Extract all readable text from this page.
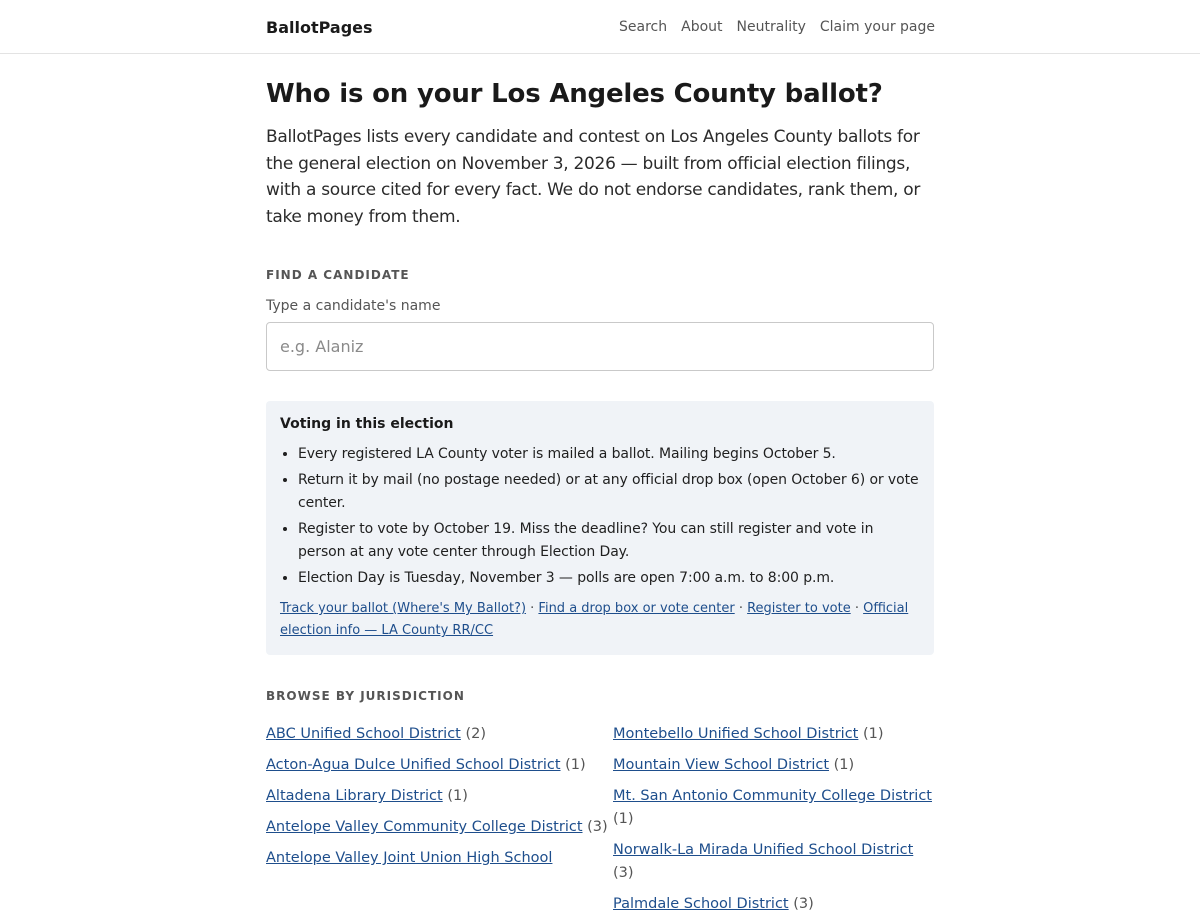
BallotPages	Search About Neutrality Claim your page
Who is on your Los Angeles County ballot?

BallotPages lists every candidate and contest on Los Angeles County ballots for the general election on November 3, 2026 — built from official election filings, with a source cited for every fact. We do not endorse candidates, rank them, or take money from them.

FIND A CANDIDATE
Type a candidate's name
e.g. Alaniz
Voting in this election
• Every registered LA County voter is mailed a ballot. Mailing begins October 5.
• Return it by mail (no postage needed) or at any official drop box (open October 6) or vote center.
• Register to vote by October 19. Miss the deadline? You can still register and vote in person at any vote center through Election Day.
• Election Day is Tuesday, November 3 — polls are open 7:00 a.m. to 8:00 p.m.
Track your ballot (Where's My Ballot?) · Find a drop box or vote center · Register to vote · Official election info — LA County RR/CC
BROWSE BY JURISDICTION
ABC Unified School District (2)
Acton-Agua Dulce Unified School District (1)
Altadena Library District (1)
Antelope Valley Community College District (3)
Antelope Valley Joint Union High School
Montebello Unified School District (1)
Mountain View School District (1)
Mt. San Antonio Community College District (1)
Norwalk-La Mirada Unified School District (3)
Palmdale School District (3)
